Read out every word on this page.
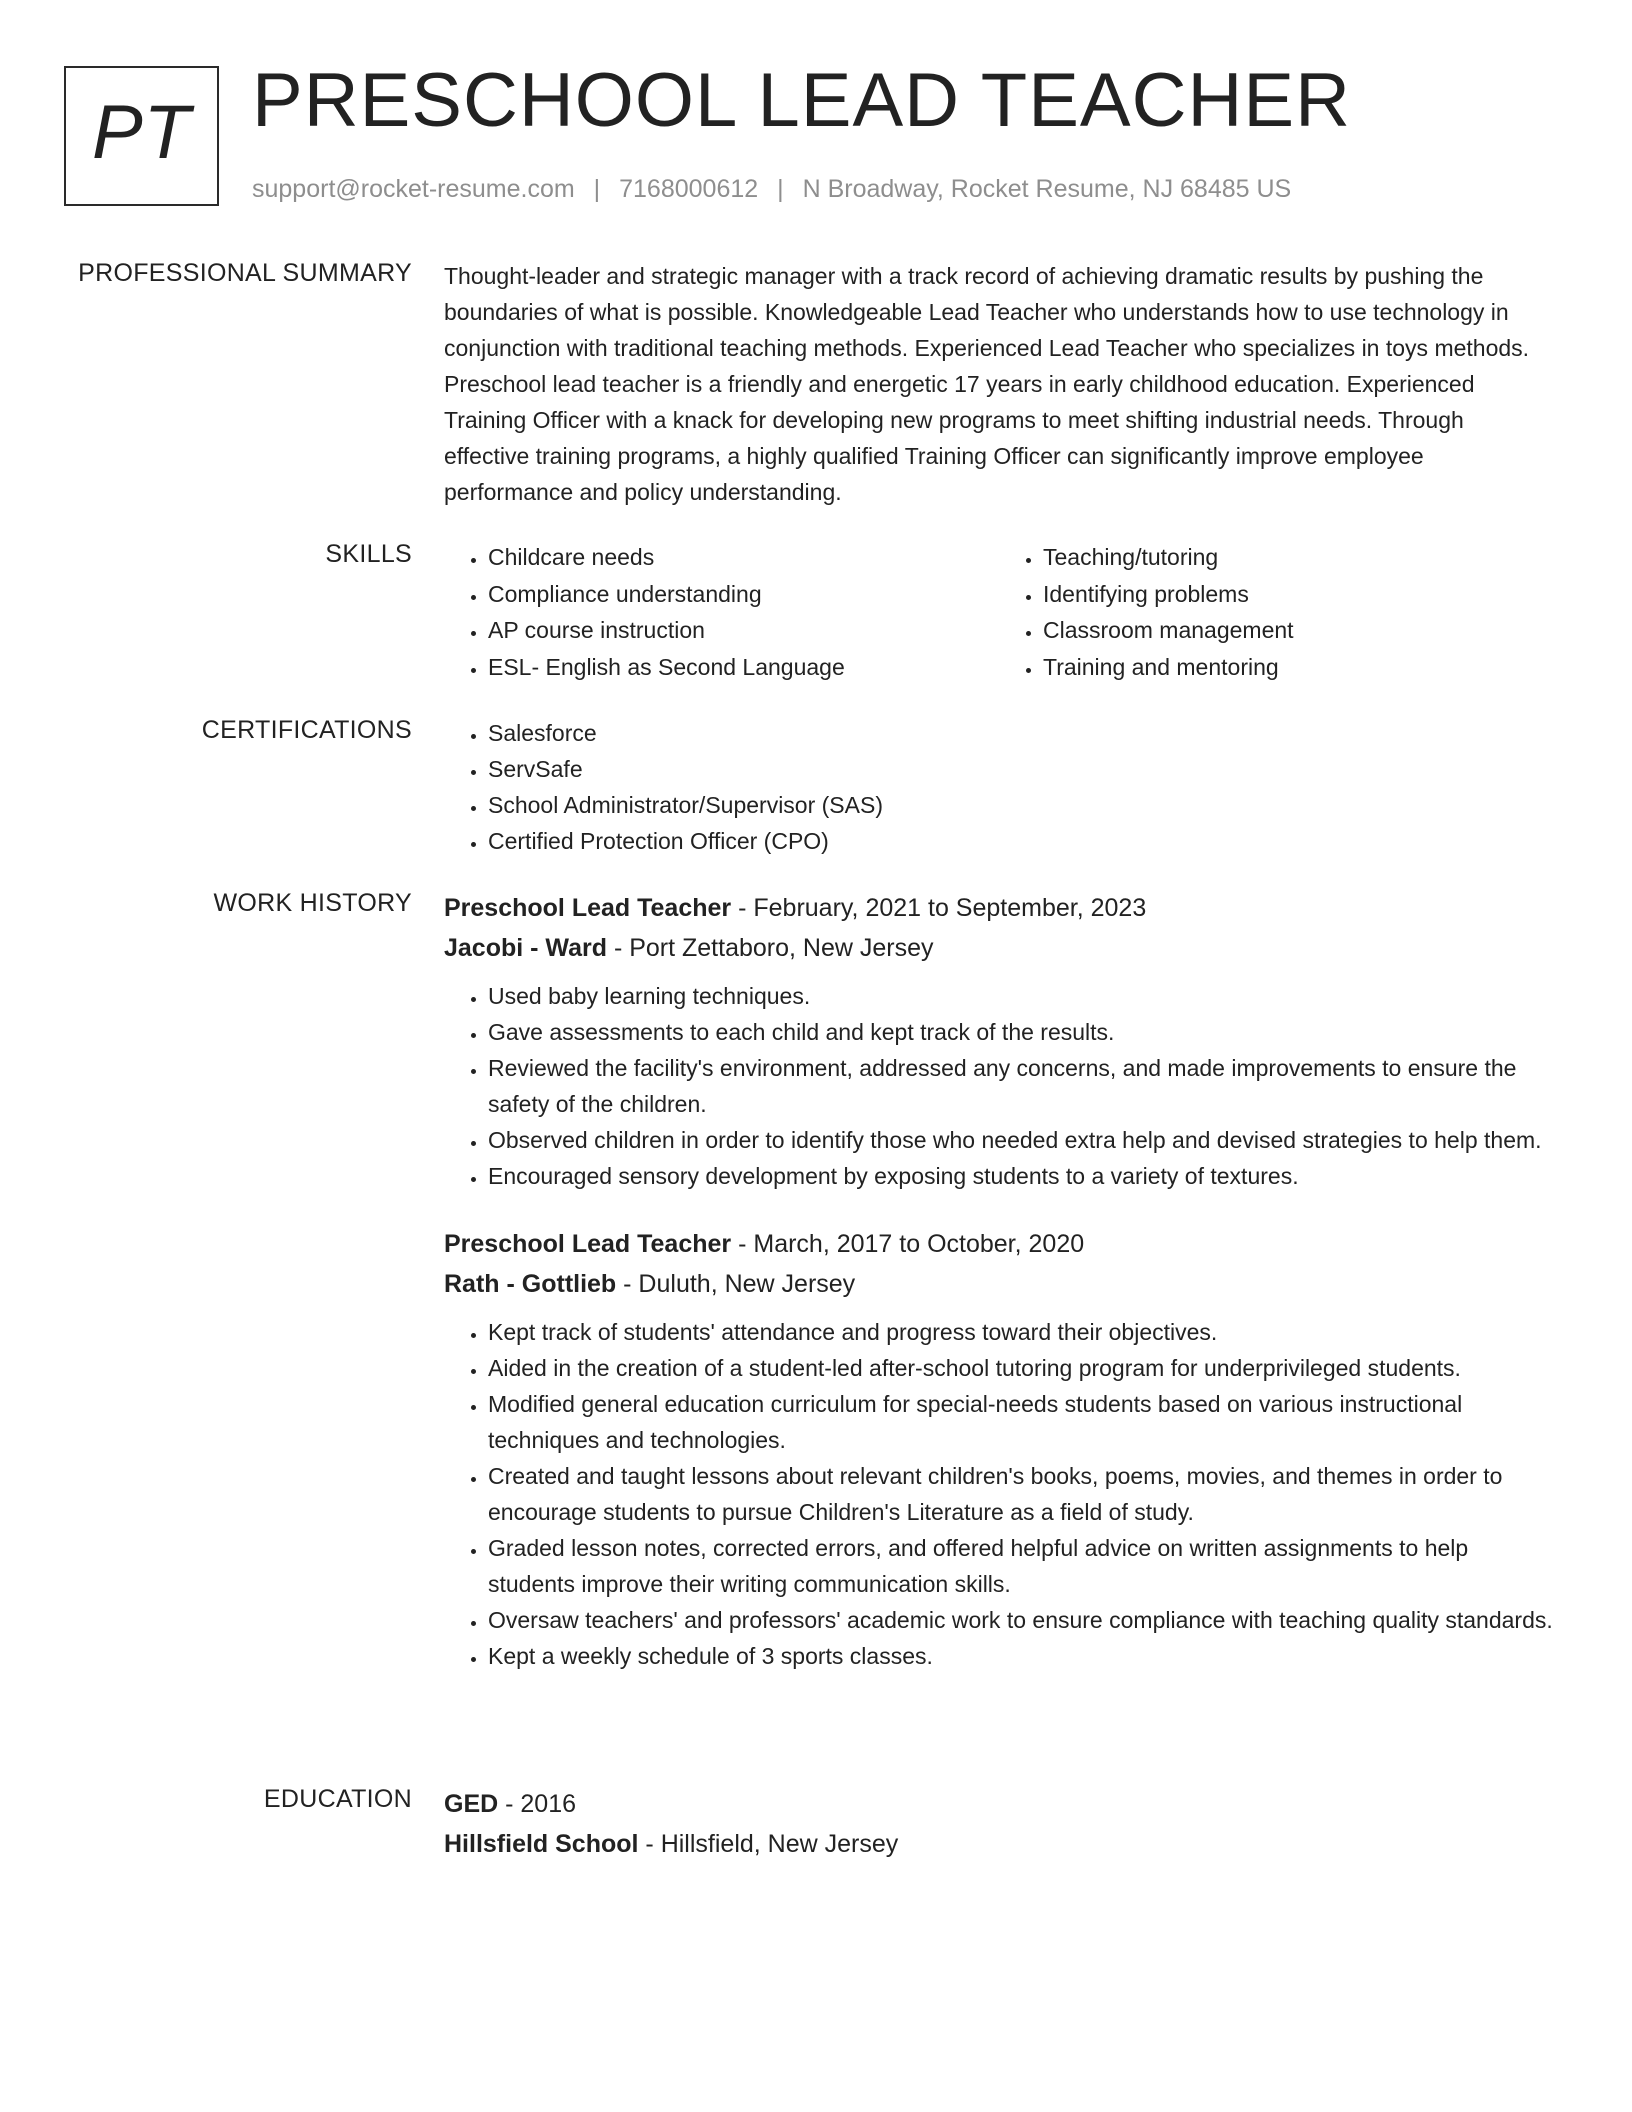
PT PRESCHOOL LEAD TEACHER
support@rocket-resume.com | 7168000612 | N Broadway, Rocket Resume, NJ 68485 US
PROFESSIONAL SUMMARY Thought-leader and strategic manager with a track record of achieving dramatic results by pushing the boundaries of what is possible. Knowledgeable Lead Teacher who understands how to use technology in conjunction with traditional teaching methods. Experienced Lead Teacher who specializes in toys methods. Preschool lead teacher is a friendly and energetic 17 years in early childhood education. Experienced Training Officer with a knack for developing new programs to meet shifting industrial needs. Through effective training programs, a highly qualified Training Officer can significantly improve employee performance and policy understanding.

SKILLS	• Childcare needs
• Compliance understanding
• AP course instruction
• ESL- English as Second Language
• Teaching/tutoring
• Identifying problems
• Classroom management
• Training and mentoring
CERTIFICATIONS	• Salesforce
• ServSafe
• School Administrator/Supervisor (SAS)
• Certified Protection Officer (CPO)
WORK HISTORY Preschool Lead Teacher - February, 2021 to September, 2023
Jacobi - Ward - Port Zettaboro, New Jersey
• Used baby learning techniques.
• Gave assessments to each child and kept track of the results.
• Reviewed the facility's environment, addressed any concerns, and made improvements to ensure the safety of the children.
• Observed children in order to identify those who needed extra help and devised strategies to help them.
• Encouraged sensory development by exposing students to a variety of textures.
Preschool Lead Teacher - March, 2017 to October, 2020
Rath - Gottlieb - Duluth, New Jersey
• Kept track of students' attendance and progress toward their objectives.
• Aided in the creation of a student-led after-school tutoring program for underprivileged students.
• Modified general education curriculum for special-needs students based on various instructional techniques and technologies.
• Created and taught lessons about relevant children's books, poems, movies, and themes in order to encourage students to pursue Children's Literature as a field of study.
• Graded lesson notes, corrected errors, and offered helpful advice on written assignments to help students improve their writing communication skills.
• Oversaw teachers' and professors' academic work to ensure compliance with teaching quality standards.
• Kept a weekly schedule of 3 sports classes.
EDUCATION GED - 2016
Hillsfield School - Hillsfield, New Jersey
